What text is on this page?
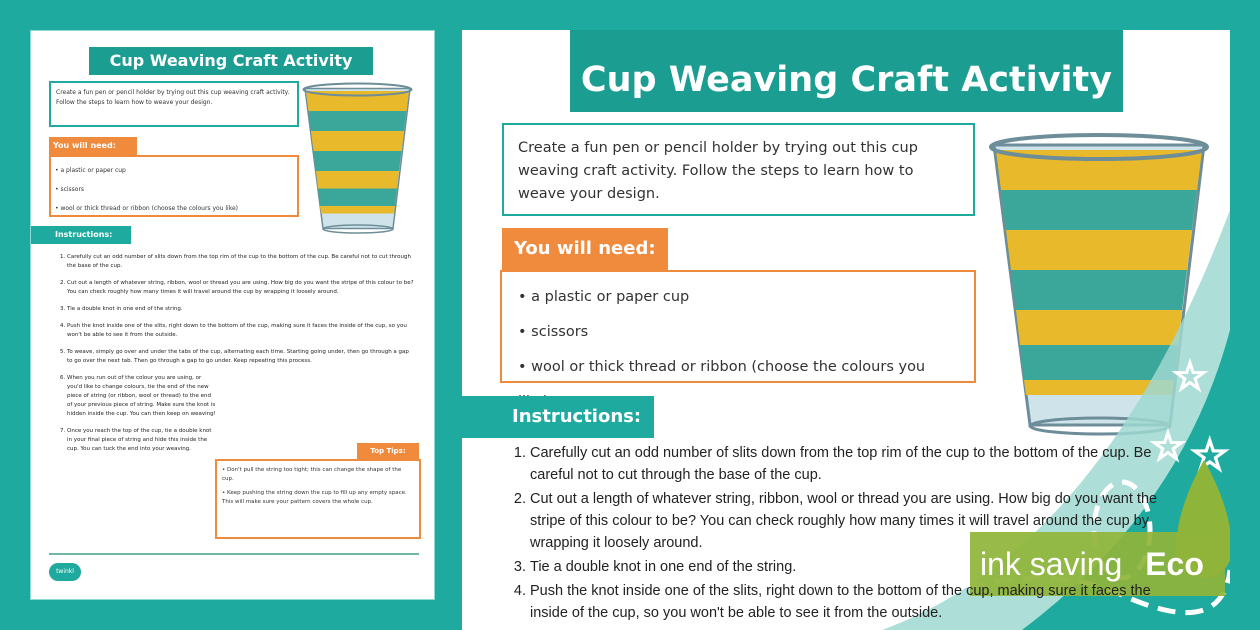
Cup Weaving Craft Activity
Create a fun pen or pencil holder by trying out this cup weaving craft activity. Follow the steps to learn how to weave your design.
You will need:
• a plastic or paper cup
• scissors
• wool or thick thread or ribbon (choose the colours you like)
Instructions:
1. Carefully cut an odd number of slits down from the top rim of the cup to the bottom of the cup. Be careful not to cut through the base of the cup.
2. Cut out a length of whatever string, ribbon, wool or thread you are using. How big do you want the stripe of this colour to be? You can check roughly how many times it will travel around the cup by wrapping it loosely around.
3. Tie a double knot in one end of the string.
4. Push the knot inside one of the slits, right down to the bottom of the cup, making sure it faces the inside of the cup, so you won't be able to see it from the outside.
5. To weave, simply go over and under the tabs of the cup, alternating each time. Starting going under, then go through a gap to go over the next tab. Then go through a gap to go under. Keep repeating this process.
6. When you run out of the colour you are using, or you'd like to change colours, tie the end of the new piece of string (or ribbon, wool or thread) to the end of your previous piece of string. Make sure the knot is hidden inside the cup. You can then keep on weaving!
7. Once you reach the top of the cup, tie a double knot in your final piece of string and hide this inside the cup. You can tuck the end into your weaving.	Top Tips:
• Don't pull the string too tight; this can change the shape of the cup.
• Keep pushing the string down the cup to fill up any empty space. This will make sure your pattern covers the whole cup.
twinkl
Cup Weaving Craft Activity
Create a fun pen or pencil holder by trying out this cup weaving craft activity. Follow the steps to learn how to weave your design.
You will need:
• a plastic or paper cup
• scissors
• wool or thick thread or ribbon (choose the colours you
Instructions:
☆ ☆
☆
ink saving Eco
1. Carefully cut an odd number of slits down from the top rim of the cup to the bottom of the cup. Be careful not to cut through the base of the cup.
2. Cut out a length of whatever string, ribbon, wool or thread you are using. How big do you want the stripe of this colour to be? You can check roughly how many times it will travel around the cup by wrapping it loosely around.
3. Tie a double knot in one end of the string.
4. Push the knot inside one of the slits, right down to the bottom of the cup, making sure it faces the inside of the cup, so you won't be able to see it from the outside.
